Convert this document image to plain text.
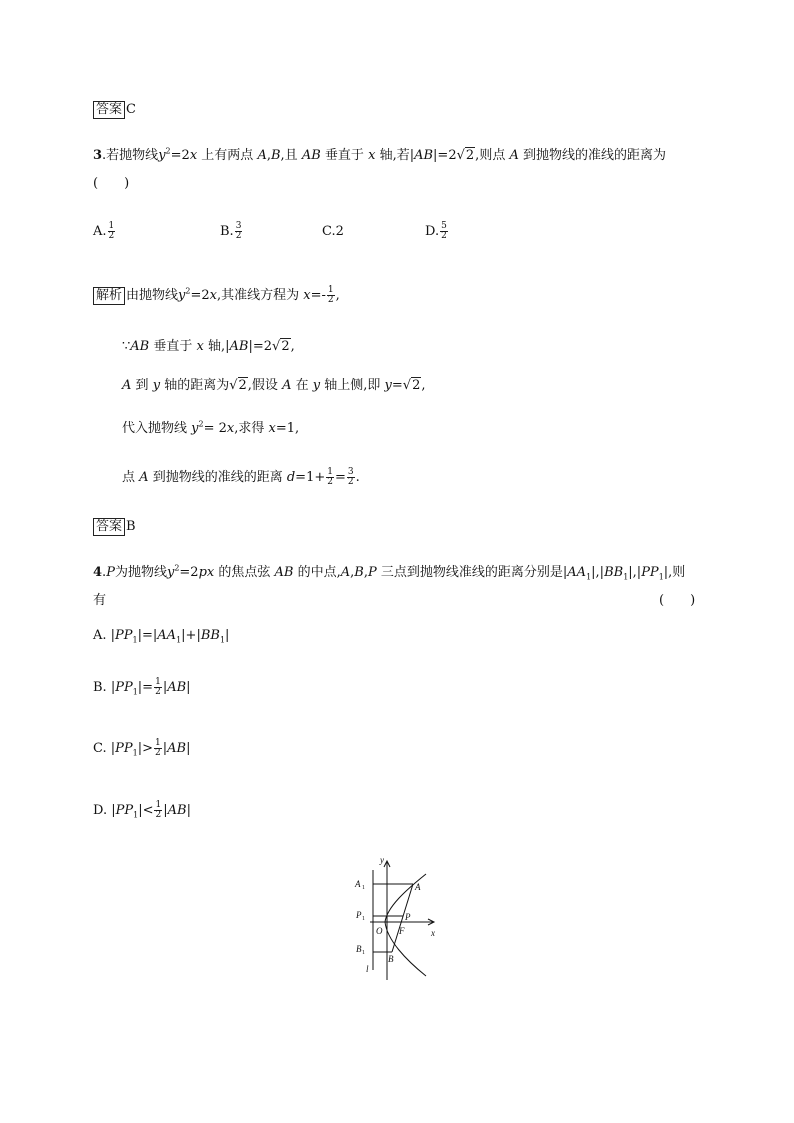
答案 C
3.若抛物线$y^2=2x$ 上有两点 A,B,且 AB 垂直于 x 轴,若|AB|=2√2,则点 A 到抛物线的准线的距离为
(　　)
A. $\frac{1}{2}$	B. $\frac{3}{2}$	C.2	D. $\frac{5}{2}$
解析 由抛物线$y^2=2x$,其准线方程为 $x=- \frac{1}{2}$ ,
∵AB 垂直于 x 轴,|AB|=2√2,
A 到 y 轴的距离为√2,假设 A 在 y 轴上侧,即 y=√2,
代入抛物线 $y^2= 2x$,求得 x=1,
点 A 到抛物线的准线的距离 $d=1+ \frac{1}{2} = \frac{3}{2}$ .
答案 B
4.P为抛物线$y^2=2px$ 的焦点弦 AB 的中点,A,B,P 三点到抛物线准线的距离分别是$|AA_1|,|BB_1|,|PP_1|$,则
有	(　　)
A. $|PP_1|=|AA_1|+|BB_1|$
B. $|PP_1|= \frac{1}{2} |AB|$
C. $|PP_1|> \frac{1}{2} |AB|$
D. $|PP_1|< \frac{1}{2} |AB|$
y
x
A 1	A
P 1	P
O F
B 1
B
l
